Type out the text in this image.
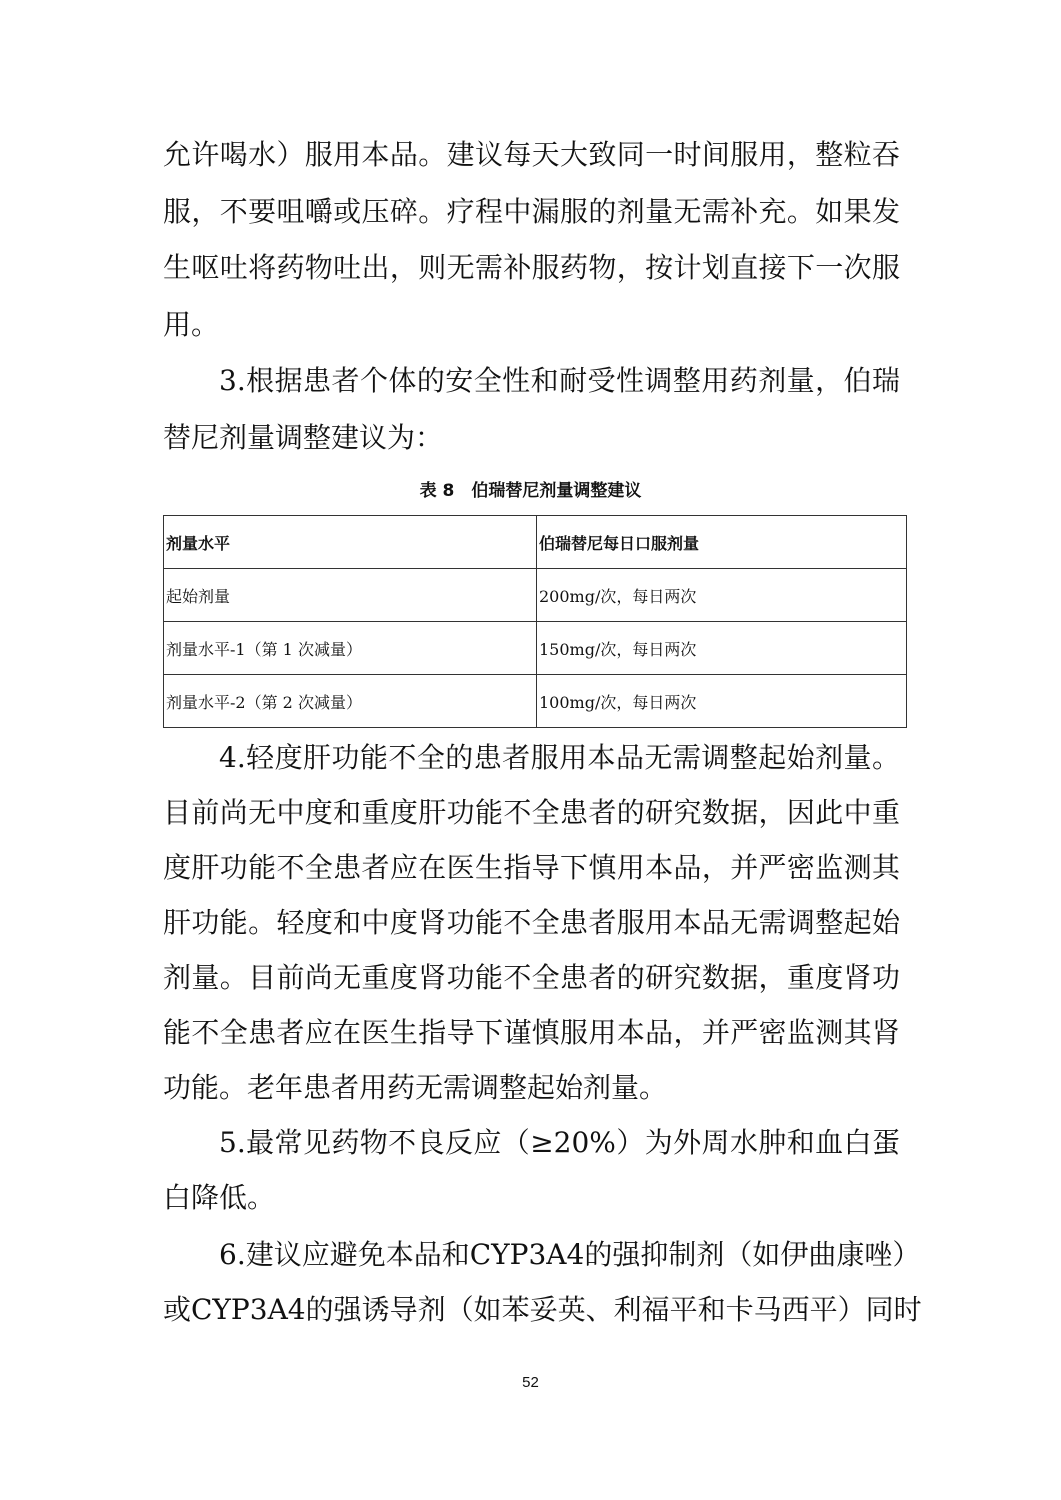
允许喝水）服用本品。建议每天大致同一时间服用，整粒吞
服，不要咀嚼或压碎。疗程中漏服的剂量无需补充。如果发
生呕吐将药物吐出，则无需补服药物，按计划直接下一次服
用。
3.根据患者个体的安全性和耐受性调整用药剂量，伯瑞
替尼剂量调整建议为：
表 8　伯瑞替尼剂量调整建议
剂量水平	伯瑞替尼每日口服剂量
起始剂量	200mg/次，每日两次
剂量水平-1（第 1 次减量）	150mg/次，每日两次
剂量水平-2（第 2 次减量）	100mg/次，每日两次
4.轻度肝功能不全的患者服用本品无需调整起始剂量。
目前尚无中度和重度肝功能不全患者的研究数据，因此中重
度肝功能不全患者应在医生指导下慎用本品，并严密监测其
肝功能。轻度和中度肾功能不全患者服用本品无需调整起始
剂量。目前尚无重度肾功能不全患者的研究数据，重度肾功
能不全患者应在医生指导下谨慎服用本品，并严密监测其肾
功能。老年患者用药无需调整起始剂量。
5.最常见药物不良反应（≥20%）为外周水肿和血白蛋
白降低。
6.建议应避免本品和CYP3A4的强抑制剂（如伊曲康唑）
或CYP3A4的强诱导剂（如苯妥英、利福平和卡马西平）同时
52
